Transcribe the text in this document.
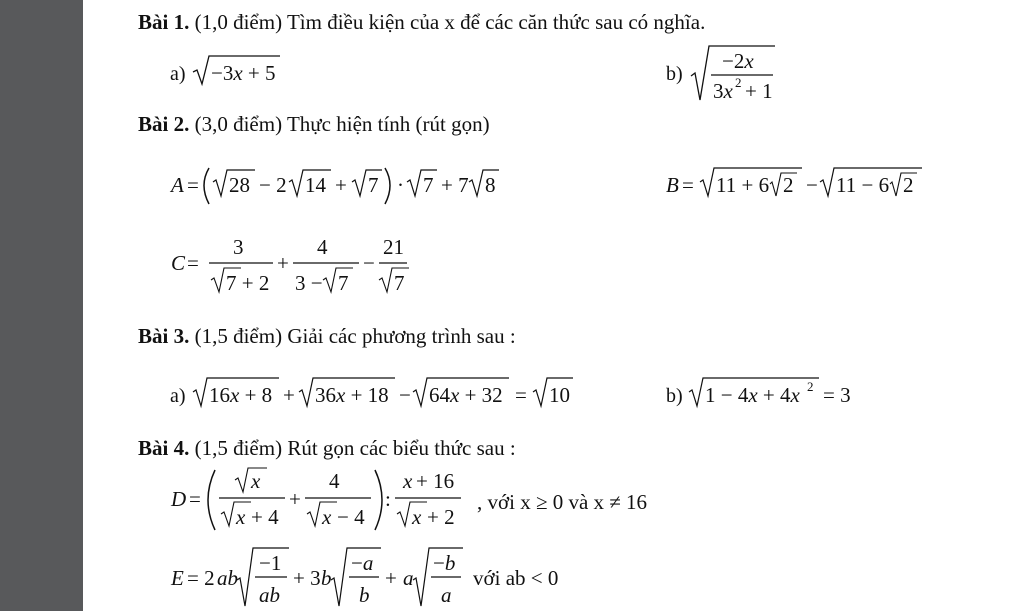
Bài 1. (1,0 điểm) Tìm điều kiện của x để các căn thức sau có nghĩa.
a) −3x + 5	b)
−2x
3x 2 + 1
Bài 2. (3,0 điểm) Thực hiện tính (rút gọn)
A = 28 − 2 14 + 7 · 7 + 7 8	B = 11 + 6 2 − 11 − 6 2
C =
3
7 + 2
+
4
3 − 7
−
21
7
Bài 3. (1,5 điểm) Giải các phương trình sau :
a) 16x + 8 + 36x + 18 − 64x + 32 = 10	b) 1 − 4x + 4x 2 = 3
Bài 4. (1,5 điểm) Rút gọn các biểu thức sau :
D =
x
x + 4
+
4
x − 4
:
x + 16
x + 2
, với x ≥ 0 và x ≠ 16
E = 2 ab
−1
ab
+ 3 b
−a
b
+ a
−b
a
với ab < 0
